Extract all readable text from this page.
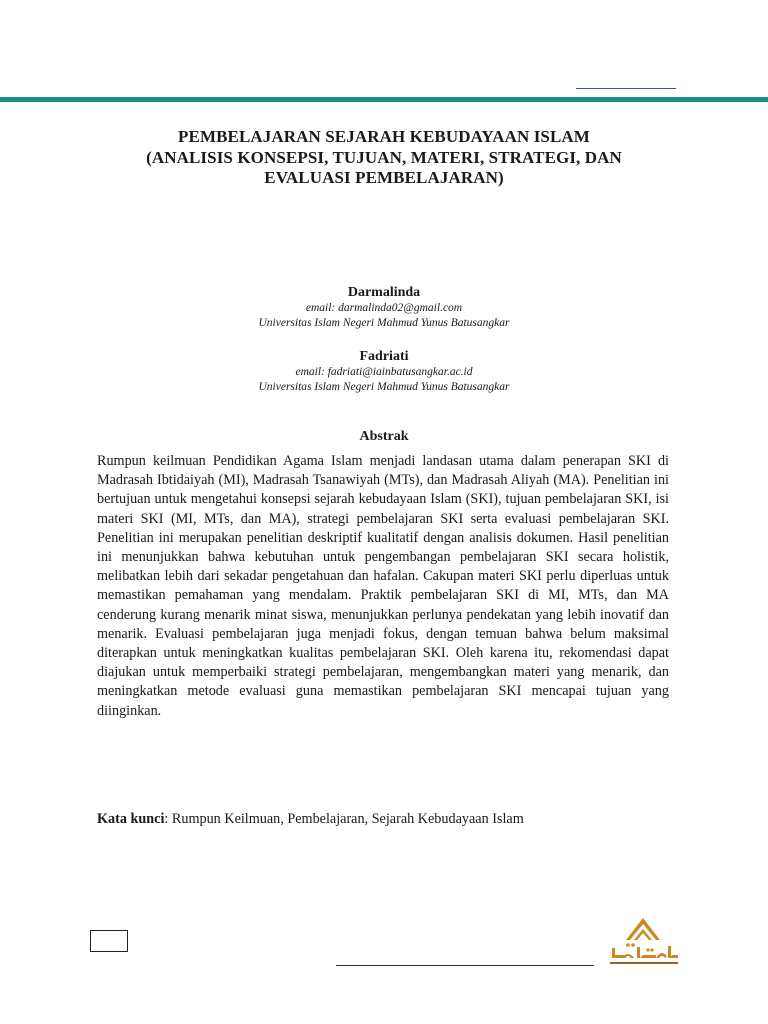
PEMBELAJARAN SEJARAH KEBUDAYAAN ISLAM
(ANALISIS KONSEPSI, TUJUAN, MATERI, STRATEGI, DAN
EVALUASI PEMBELAJARAN)
Darmalinda
email: darmalinda02@gmail.com
Universitas Islam Negeri Mahmud Yunus Batusangkar
Fadriati
email: fadriati@iainbatusangkar.ac.id
Universitas Islam Negeri Mahmud Yunus Batusangkar
Abstrak
Rumpun keilmuan Pendidikan Agama Islam menjadi landasan utama dalam penerapan SKI di Madrasah Ibtidaiyah (MI), Madrasah Tsanawiyah (MTs), dan Madrasah Aliyah (MA). Penelitian ini bertujuan untuk mengetahui konsepsi sejarah kebudayaan Islam (SKI), tujuan pembelajaran SKI, isi materi SKI (MI, MTs, dan MA), strategi pembelajaran SKI serta evaluasi pembelajaran SKI. Penelitian ini merupakan penelitian deskriptif kualitatif dengan analisis dokumen. Hasil penelitian ini menunjukkan bahwa kebutuhan untuk pengembangan pembelajaran SKI secara holistik, melibatkan lebih dari sekadar pengetahuan dan hafalan. Cakupan materi SKI perlu diperluas untuk memastikan pemahaman yang mendalam. Praktik pembelajaran SKI di MI, MTs, dan MA cenderung kurang menarik minat siswa, menunjukkan perlunya pendekatan yang lebih inovatif dan menarik. Evaluasi pembelajaran juga menjadi fokus, dengan temuan bahwa belum maksimal diterapkan untuk meningkatkan kualitas pembelajaran SKI. Oleh karena itu, rekomendasi dapat diajukan untuk memperbaiki strategi pembelajaran, mengembangkan materi yang menarik, dan meningkatkan metode evaluasi guna memastikan pembelajaran SKI mencapai tujuan yang diinginkan.
Kata kunci: Rumpun Keilmuan, Pembelajaran, Sejarah Kebudayaan Islam
